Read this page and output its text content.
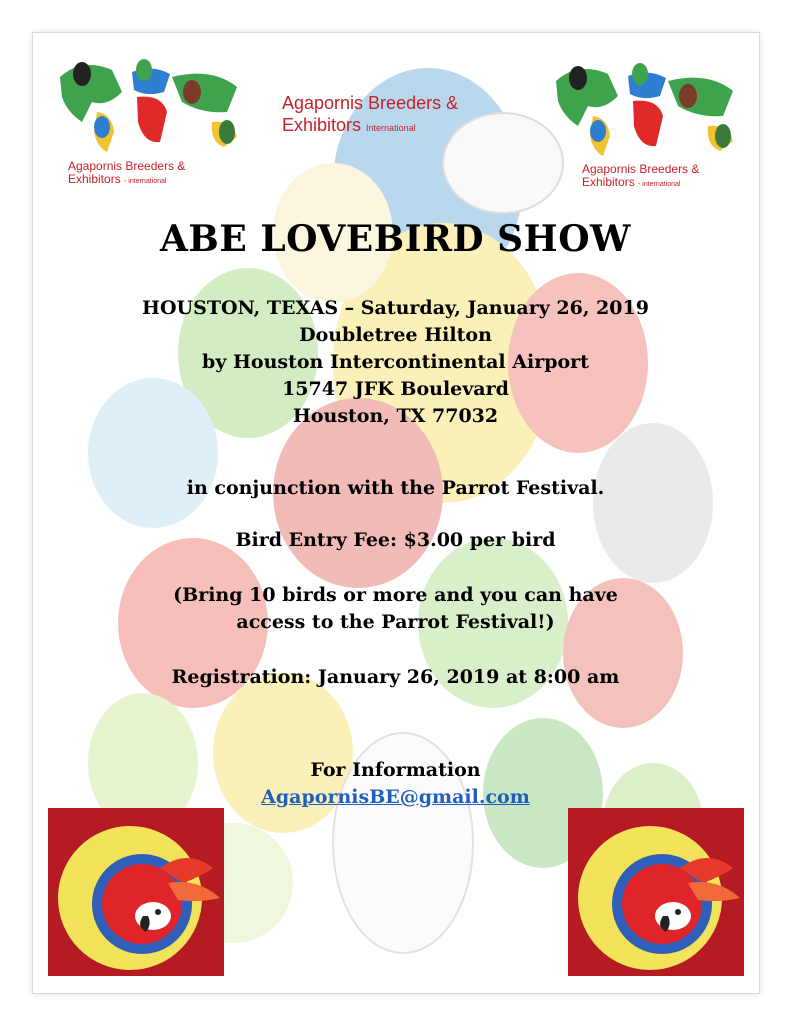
Agapornis Breeders &
Exhibitors - international
Agapornis Breeders &
Exhibitors International
Agapornis Breeders &
Exhibitors - international
ABE LOVEBIRD SHOW
HOUSTON, TEXAS – Saturday, January 26, 2019
Doubletree Hilton
by Houston Intercontinental Airport
15747 JFK Boulevard
Houston, TX 77032
in conjunction with the Parrot Festival.
Bird Entry Fee: $3.00 per bird
(Bring 10 birds or more and you can have
access to the Parrot Festival!)
Registration: January 26, 2019 at 8:00 am
For Information
AgapornisBE@gmail.com
